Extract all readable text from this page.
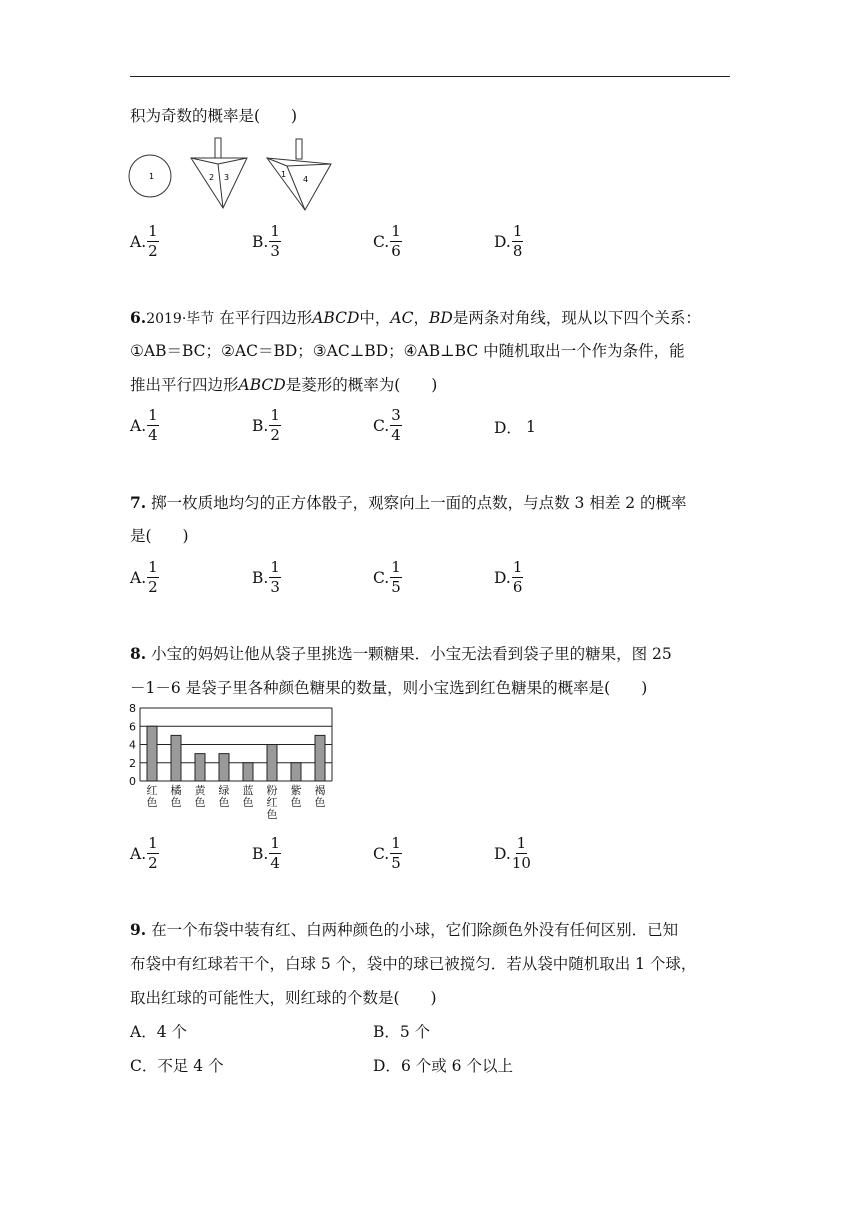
积为奇数的概率是(　　)
1	2 3	1
4
A. $\frac{1}{2}$	B. $\frac{1}{3}$	C. $\frac{1}{6}$	D. $\frac{1}{8}$
6.2019·毕节 在平行四边形ABCD中，AC，BD是两条对角线，现从以下四个关系：
①AB＝BC；②AC＝BD；③AC⊥BD；④AB⊥BC 中随机取出一个作为条件，能
推出平行四边形ABCD是菱形的概率为(　　)
A. $\frac{1}{4}$	B. $\frac{1}{2}$	C. $\frac{3}{4}$	D． 1
7. 掷一枚质地均匀的正方体骰子，观察向上一面的点数，与点数 3 相差 2 的概率
是(　　)
A. $\frac{1}{2}$	B. $\frac{1}{3}$	C. $\frac{1}{5}$	D. $\frac{1}{6}$
8. 小宝的妈妈让他从袋子里挑选一颗糖果．小宝无法看到袋子里的糖果，图 25
－1－6 是袋子里各种颜色糖果的数量，则小宝选到红色糖果的概率是(　　)
0
2
4
6
8
红
色
橘
色
黄
色
绿
色
蓝
色
粉
红
色
紫
色
褐
色
A. $\frac{1}{2}$	B. $\frac{1}{4}$	C. $\frac{1}{5}$	D. $\frac{1}{10}$
9. 在一个布袋中装有红、白两种颜色的小球，它们除颜色外没有任何区别．已知
布袋中有红球若干个，白球 5 个，袋中的球已被搅匀．若从袋中随机取出 1 个球，
取出红球的可能性大，则红球的个数是(　　)
A． 4 个	B． 5 个
C． 不足 4 个	D． 6 个或 6 个以上
